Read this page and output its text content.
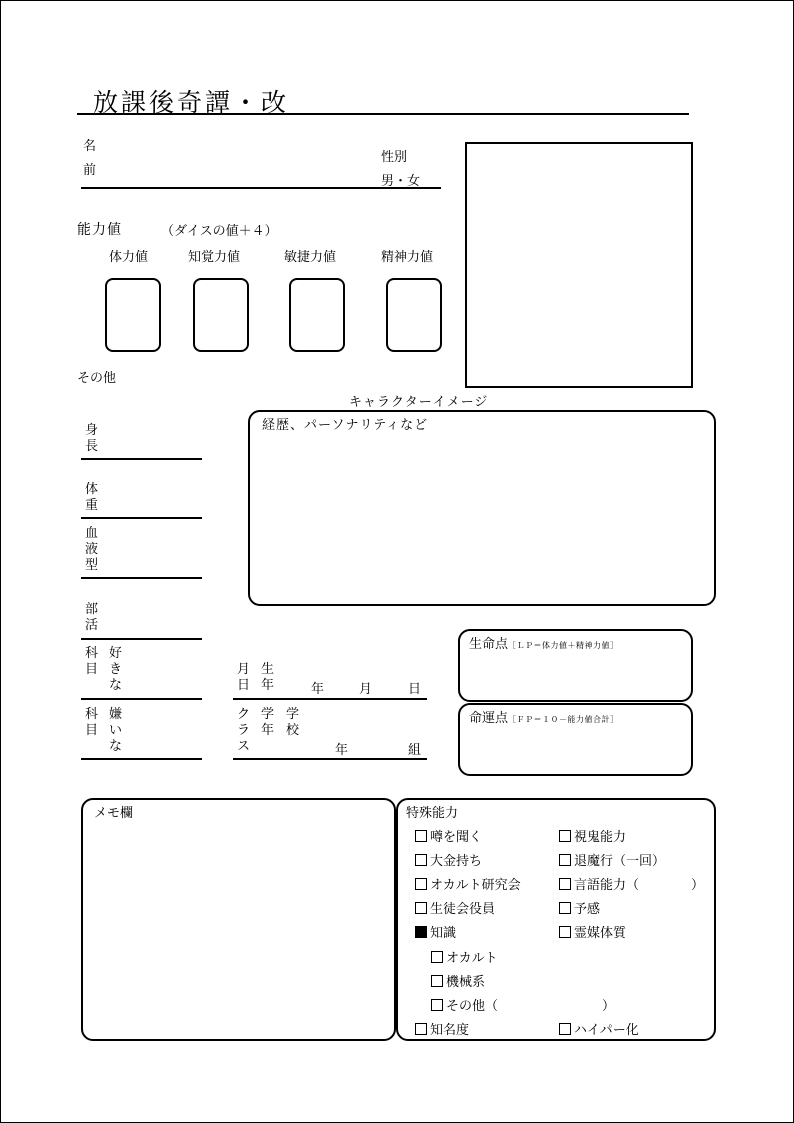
放課後奇譚・改
名前
性別
男・女
キャラクターイメージ
能力値	（ダイスの値＋４）
体力値	知覚力値	敏捷力値	精神力値
その他
経歴、パーソナリティなど
身長
体重
血液型
部活
科目
好きな
科目
嫌いな
月日
生年	年	月	日
クラス
学年
学校
年	組
生命点［ＬＰ＝体力値＋精神力値］
命運点［ＦＰ＝１０－能力値合計］
メモ欄	特殊能力
噂を聞く
大金持ち
オカルト研究会
生徒会役員
知識
オカルト
機械系
その他（　　　　　　　　）
知名度
視鬼能力
退魔行（一回）
言語能力（　　　　）
予感
霊媒体質
ハイパー化
